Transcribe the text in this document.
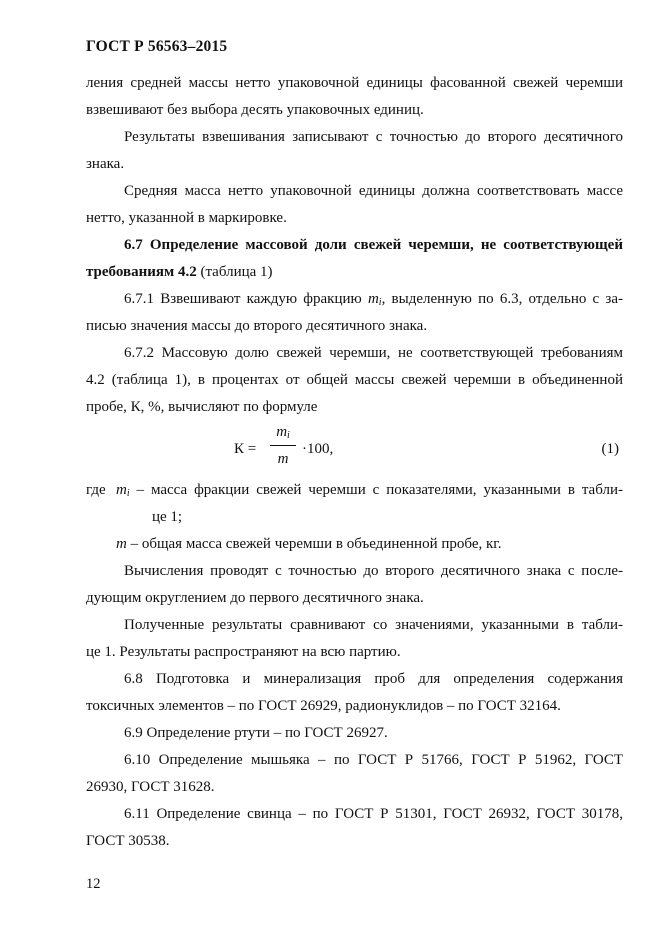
ГОСТ Р 56563–2015

ления средней массы нетто упаковочной единицы фасованной свежей черемши

взвешивают без выбора десять упаковочных единиц.

Результаты взвешивания записывают с точностью до второго десятичного

знака.

Средняя масса нетто упаковочной единицы должна соответствовать массе

нетто, указанной в маркировке.

6.7 Определение массовой доли свежей черемши, не соответствующей

требованиям 4.2 (таблица 1)

6.7.1 Взвешивают каждую фракцию $m_i$, выделенную по 6.3, отдельно с за-

писью значения массы до второго десятичного знака.

6.7.2 Массовую долю свежей черемши, не соответствующей требованиям

4.2 (таблица 1), в процентах от общей массы свежей черемши в объединенной

пробе, К, %, вычисляют по формуле

К =
$m_i$
m
·100,	(1)
где $m_i$ – масса фракции свежей черемши с показателями, указанными в табли-
це 1;
m – общая масса свежей черемши в объединенной пробе, кг.

Вычисления проводят с точностью до второго десятичного знака с после-

дующим округлением до первого десятичного знака.

Полученные результаты сравнивают со значениями, указанными в табли-

це 1. Результаты распространяют на всю партию.

6.8 Подготовка и минерализация проб для определения содержания

токсичных элементов – по ГОСТ 26929, радионуклидов – по ГОСТ 32164.

6.9 Определение ртути – по ГОСТ 26927.

6.10 Определение мышьяка – по ГОСТ Р 51766, ГОСТ Р 51962, ГОСТ

26930, ГОСТ 31628.

6.11 Определение свинца – по ГОСТ Р 51301, ГОСТ 26932, ГОСТ 30178,

ГОСТ 30538.

12
